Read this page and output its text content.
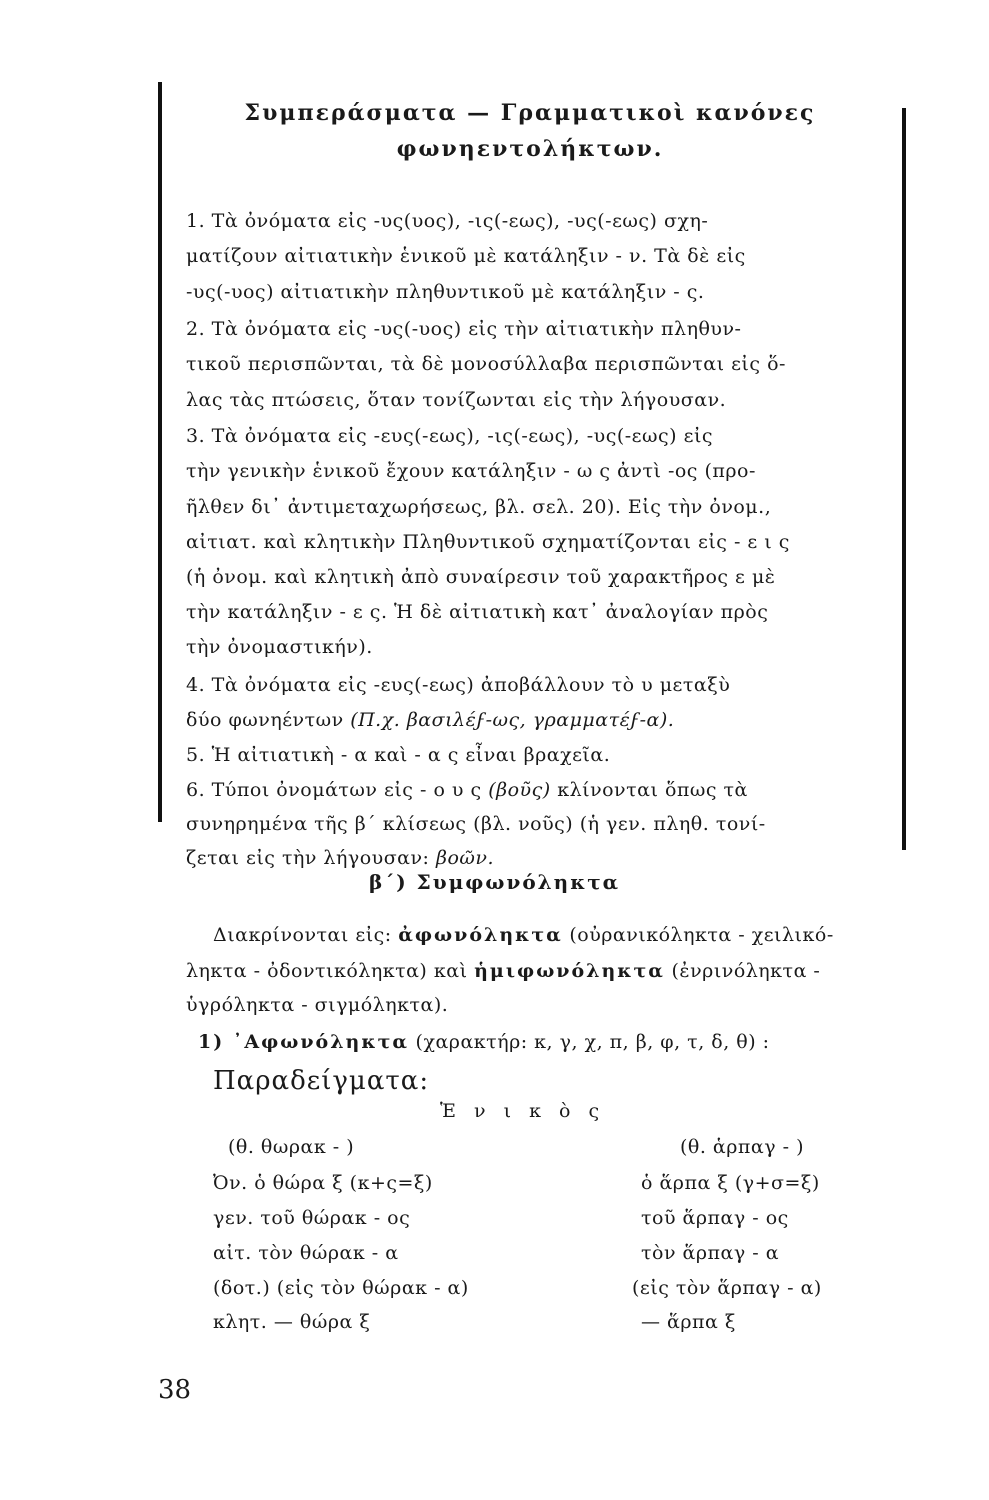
Συμπεράσματα — Γραμματικοὶ κανόνες
φωνηεντολήκτων.
1. Τὰ ὀνόματα εἰς -υς(υος), -ις(-εως), -υς(-εως) σχη-
ματίζουν αἰτιατικὴν ἑνικοῦ μὲ κατάληξιν - ν. Τὰ δὲ εἰς
-υς(-υος) αἰτιατικὴν πληθυντικοῦ μὲ κατάληξιν - ς.
2. Τὰ ὀνόματα εἰς -υς(-υος) εἰς τὴν αἰτιατικὴν πληθυν-
τικοῦ περισπῶνται, τὰ δὲ μονοσύλλαβα περισπῶνται εἰς ὅ-
λας τὰς πτώσεις, ὅταν τονίζωνται εἰς τὴν λήγουσαν.
3. Τὰ ὀνόματα εἰς -ευς(-εως), -ις(-εως), -υς(-εως) εἰς
τὴν γενικὴν ἑνικοῦ ἔχουν κατάληξιν - ω ς ἀντὶ -ος (προ-
ῆλθεν δι᾿ ἀντιμεταχωρήσεως, βλ. σελ. 20). Εἰς τὴν ὀνομ.,
αἰτιατ. καὶ κλητικὴν Πληθυντικοῦ σχηματίζονται εἰς - ε ι ς
(ἡ ὀνομ. καὶ κλητικὴ ἀπὸ συναίρεσιν τοῦ χαρακτῆρος ε μὲ
τὴν κατάληξιν - ε ς. Ἡ δὲ αἰτιατικὴ κατ᾿ ἀναλογίαν πρὸς
τὴν ὀνομαστικήν).
4. Τὰ ὀνόματα εἰς -ευς(-εως) ἀποβάλλουν τὸ υ μεταξὺ
δύο φωνηέντων (Π.χ. βασιλέϝ-ως, γραμματέϝ-α).
5. Ἡ αἰτιατικὴ - α καὶ - α ς εἶναι βραχεῖα.
6. Τύποι ὀνομάτων εἰς - ο υ ς (βοῦς) κλίνονται ὅπως τὰ
συνηρημένα τῆς β´ κλίσεως (βλ. νοῦς) (ἡ γεν. πληθ. τονί-
ζεται εἰς τὴν λήγουσαν: βοῶν.
β´) Συμφωνόληκτα
Διακρίνονται εἰς: ἀφωνόληκτα (οὐρανικόληκτα - χειλικό-
ληκτα - ὀδοντικόληκτα) καὶ ἡμιφωνόληκτα (ἐνρινόληκτα -
ὑγρόληκτα - σιγμόληκτα).
1) ᾿Αφωνόληκτα (χαρακτήρ: κ, γ, χ, π, β, φ, τ, δ, θ) :
Παραδείγματα:
Ἑ ν ι κ ὸ ς
(θ. θωρακ - )
Ὀν. ὁ θώρα ξ (κ+ς=ξ)
γεν. τοῦ θώρακ - ος
αἰτ. τὸν θώρακ - α
(δοτ.) (εἰς τὸν θώρακ - α)
κλητ. — θώρα ξ
(θ. ἁρπαγ - )
ὁ ἅρπα ξ (γ+σ=ξ)
τοῦ ἅρπαγ - ος
τὸν ἅρπαγ - α
(εἰς τὸν ἅρπαγ - α)
— ἅρπα ξ
38
